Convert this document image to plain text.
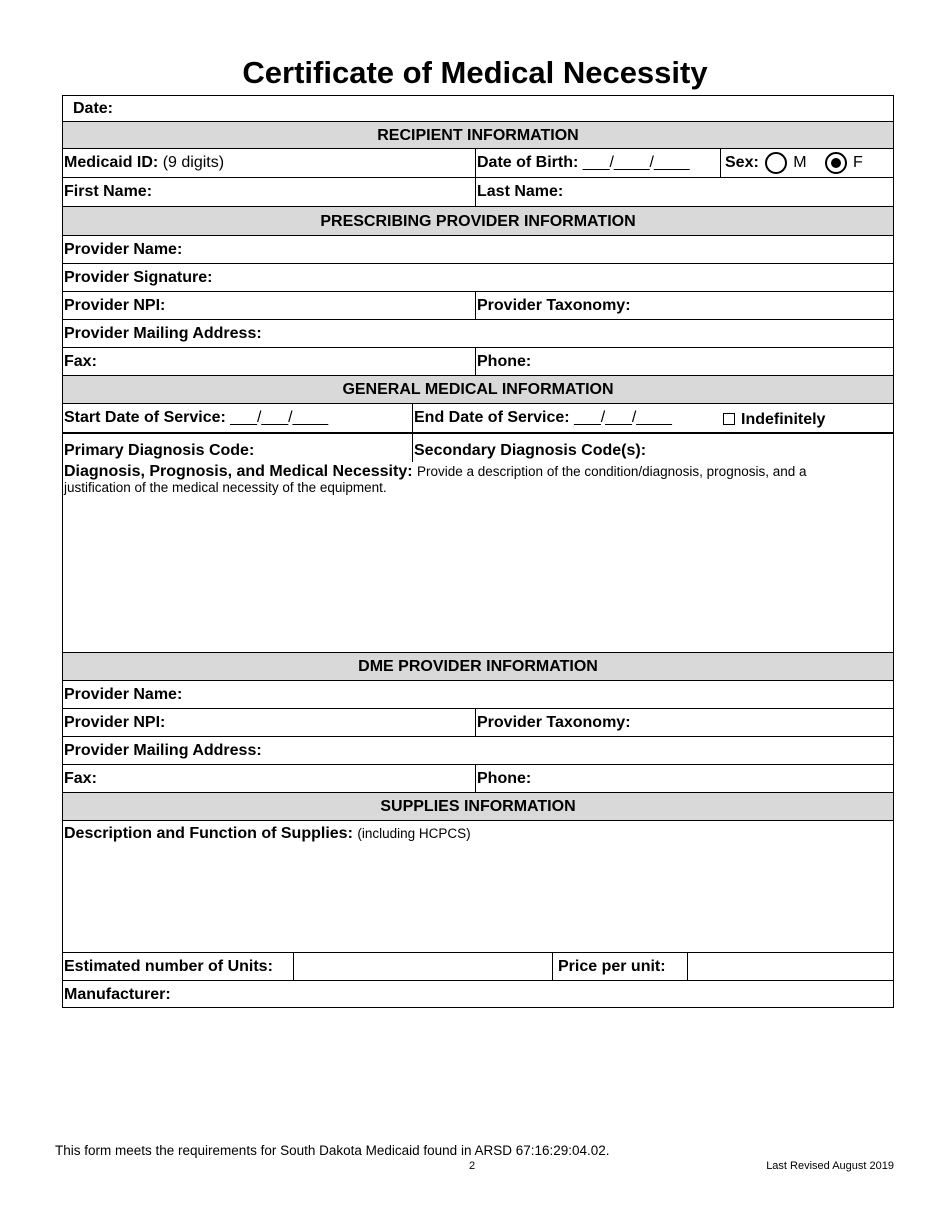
Certificate of Medical Necessity
Date:
RECIPIENT INFORMATION
Medicaid ID: (9 digits)	Date of Birth: ___/____/____	Sex: M	F
First Name:	Last Name:
PRESCRIBING PROVIDER INFORMATION
Provider Name:
Provider Signature:
Provider NPI:	Provider Taxonomy:
Provider Mailing Address:
Fax:	Phone:
GENERAL MEDICAL INFORMATION
Start Date of Service: ___/___/____	End Date of Service: ___/___/____	Indefinitely
Primary Diagnosis Code:	Secondary Diagnosis Code(s):
Diagnosis, Prognosis, and Medical Necessity: Provide a description of the condition/diagnosis, prognosis, and a justification of the medical necessity of the equipment.
DME PROVIDER INFORMATION
Provider Name:
Provider NPI:	Provider Taxonomy:
Provider Mailing Address:
Fax:	Phone:
SUPPLIES INFORMATION
Description and Function of Supplies: (including HCPCS)
Estimated number of Units:	Price per unit:
Manufacturer:
This form meets the requirements for South Dakota Medicaid found in ARSD 67:16:29:04.02.
2	Last Revised August 2019
